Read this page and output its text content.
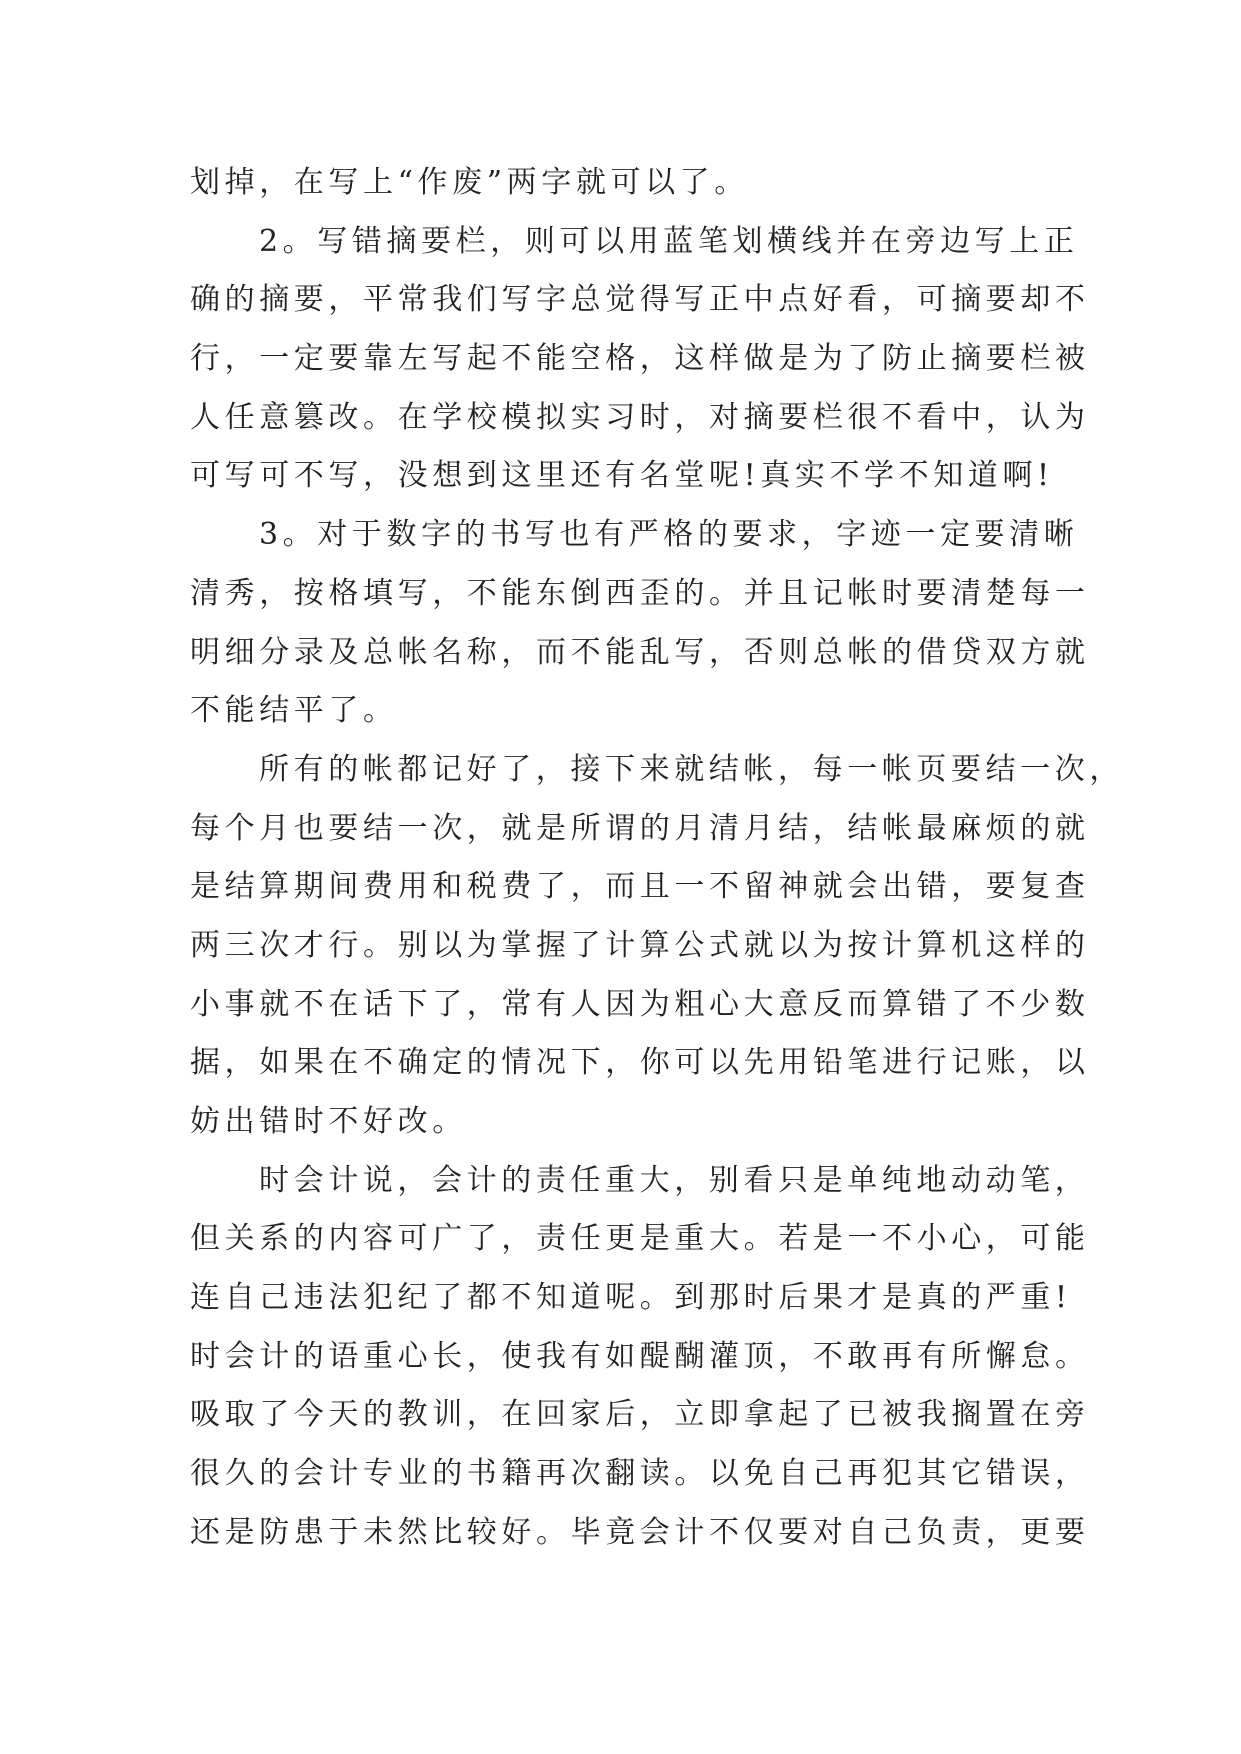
划掉，在写上“作废”两字就可以了。
2。写错摘要栏，则可以用蓝笔划横线并在旁边写上正
确的摘要，平常我们写字总觉得写正中点好看，可摘要却不
行，一定要靠左写起不能空格，这样做是为了防止摘要栏被
人任意篡改。在学校模拟实习时，对摘要栏很不看中，认为
可写可不写，没想到这里还有名堂呢!真实不学不知道啊!
3。对于数字的书写也有严格的要求，字迹一定要清晰
清秀，按格填写，不能东倒西歪的。并且记帐时要清楚每一
明细分录及总帐名称，而不能乱写，否则总帐的借贷双方就
不能结平了。
所有的帐都记好了，接下来就结帐，每一帐页要结一次，
每个月也要结一次，就是所谓的月清月结，结帐最麻烦的就
是结算期间费用和税费了，而且一不留神就会出错，要复查
两三次才行。别以为掌握了计算公式就以为按计算机这样的
小事就不在话下了，常有人因为粗心大意反而算错了不少数
据，如果在不确定的情况下，你可以先用铅笔进行记账，以
妨出错时不好改。
时会计说，会计的责任重大，别看只是单纯地动动笔，
但关系的内容可广了，责任更是重大。若是一不小心，可能
连自己违法犯纪了都不知道呢。到那时后果才是真的严重!
时会计的语重心长，使我有如醍醐灌顶，不敢再有所懈怠。
吸取了今天的教训，在回家后，立即拿起了已被我搁置在旁
很久的会计专业的书籍再次翻读。以免自己再犯其它错误，
还是防患于未然比较好。毕竟会计不仅要对自己负责，更要
